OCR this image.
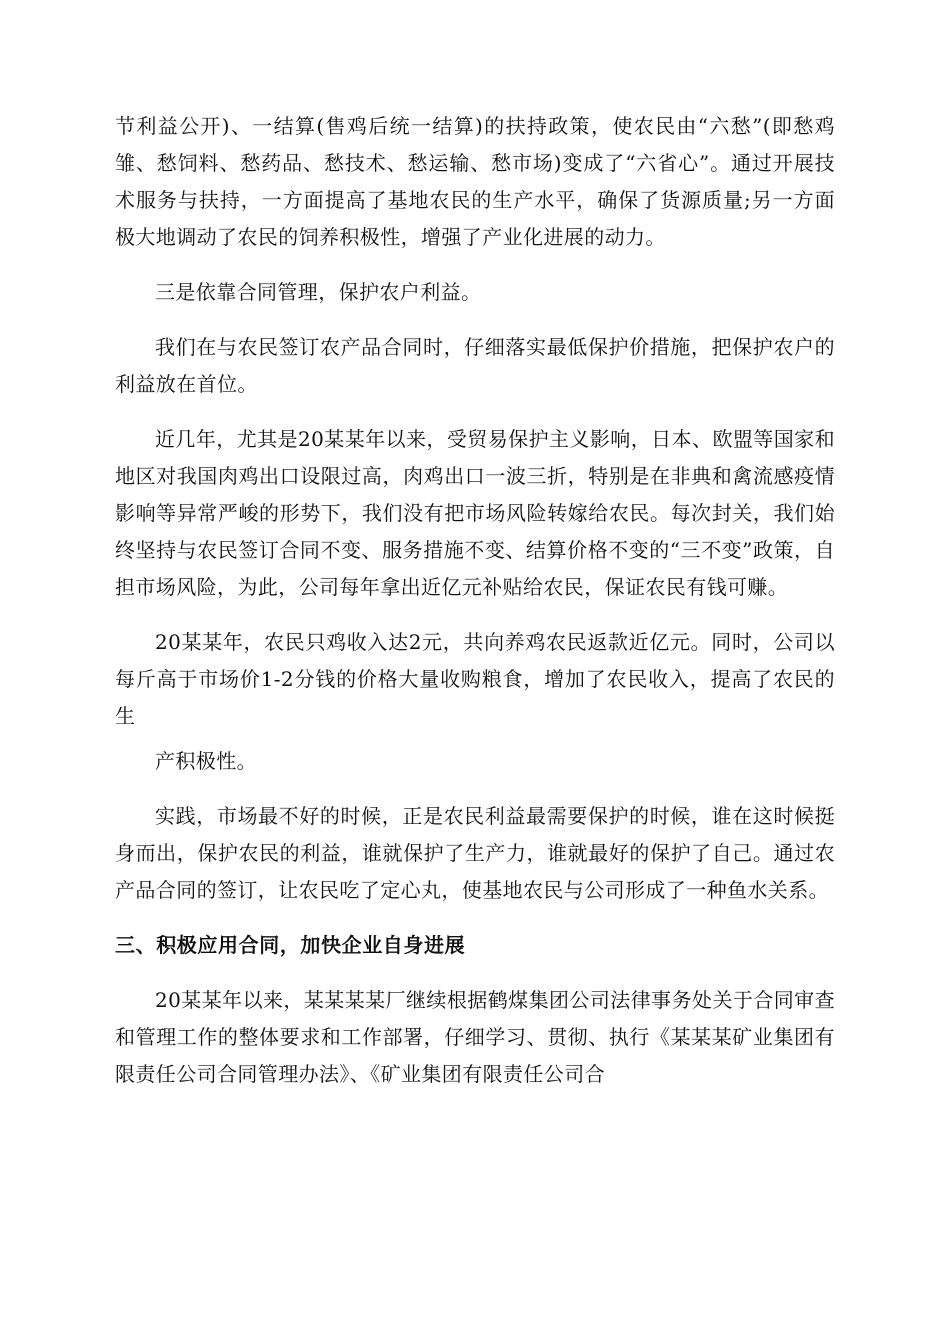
节利益公开)、一结算(售鸡后统一结算)的扶持政策，使农民由“六愁”(即愁鸡雏、愁饲料、愁药品、愁技术、愁运输、愁市场)变成了“六省心”。通过开展技术服务与扶持，一方面提高了基地农民的生产水平，确保了货源质量;另一方面极大地调动了农民的饲养积极性，增强了产业化进展的动力。

三是依靠合同管理，保护农户利益。

我们在与农民签订农产品合同时，仔细落实最低保护价措施，把保护农户的利益放在首位。

近几年，尤其是20某某年以来，受贸易保护主义影响，日本、欧盟等国家和地区对我国肉鸡出口设限过高，肉鸡出口一波三折，特别是在非典和禽流感疫情影响等异常严峻的形势下，我们没有把市场风险转嫁给农民。每次封关，我们始终坚持与农民签订合同不变、服务措施不变、结算价格不变的“三不变”政策，自担市场风险，为此，公司每年拿出近亿元补贴给农民，保证农民有钱可赚。

20某某年，农民只鸡收入达2元，共向养鸡农民返款近亿元。同时，公司以每斤高于市场价1-2分钱的价格大量收购粮食，增加了农民收入，提高了农民的生

产积极性。

实践，市场最不好的时候，正是农民利益最需要保护的时候，谁在这时候挺身而出，保护农民的利益，谁就保护了生产力，谁就最好的保护了自己。通过农产品合同的签订，让农民吃了定心丸，使基地农民与公司形成了一种鱼水关系。

三、积极应用合同，加快企业自身进展

20某某年以来，某某某某厂继续根据鹤煤集团公司法律事务处关于合同审查和管理工作的整体要求和工作部署，仔细学习、贯彻、执行《某某某矿业集团有限责任公司合同管理办法》、《矿业集团有限责任公司合
